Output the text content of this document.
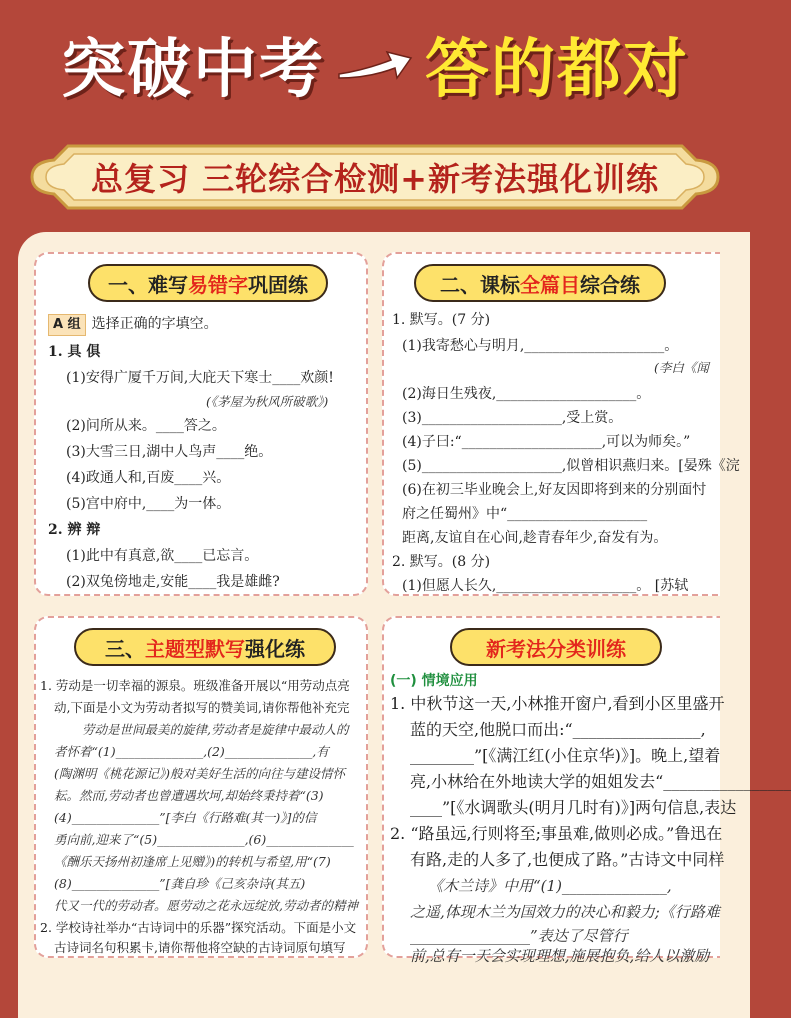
突破中考 答的都对
总复习 三轮综合检测+新考法强化训练
一、难写 易错字 巩固练
A 组 选择正确的字填空。
1. 具 俱
(1)安得广厦千万间,大庇天下寒士____欢颜!
(《茅屋为秋风所破歌》)
(2)问所从来。____答之。
(3)大雪三日,湖中人鸟声____绝。
(4)政通人和,百废____兴。
(5)宫中府中,____为一体。
2. 辨 辩
(1)此中有真意,欲____已忘言。
(2)双兔傍地走,安能____我是雄雌?
二、课标 全篇目 综合练
1. 默写。(7 分)
(1)我寄愁心与明月,____________________。
(李白《闻
(2)海日生残夜,____________________。
(3)____________________,受上赏。
(4)子曰:“____________________,可以为师矣。”
(5)____________________,似曾相识燕归来。[晏殊《浣
(6)在初三毕业晚会上,好友因即将到来的分别面忖
府之任蜀州》中“____________________
距离,友谊自在心间,趁青春年少,奋发有为。
2. 默写。(8 分)
(1)但愿人长久,____________________。 [苏轼
三、 主题型默写 强化练
1. 劳动是一切幸福的源泉。班级准备开展以“用劳动点亮
动,下面是小文为劳动者拟写的赞美词,请你帮他补充完
劳动是世间最美的旋律,劳动者是旋律中最动人的
者怀着“(1)______________,(2)______________,有
(陶渊明《桃花源记》)般对美好生活的向往与建设情怀
耘。然而,劳动者也曾遭遇坎坷,却始终秉持着“(3)
(4)______________”[李白《行路难(其一)》]的信
勇向前,迎来了“(5)______________,(6)______________
《酬乐天扬州初逢席上见赠》)的转机与希望,用“(7)
(8)______________”[龚自珍《己亥杂诗(其五)
代又一代的劳动者。愿劳动之花永远绽放,劳动者的精神
2. 学校诗社举办“古诗词中的乐器”探究活动。下面是小文
古诗词名句积累卡,请你帮他将空缺的古诗词原句填写
新考法分类训练
(一) 情境应用
1. 中秋节这一天,小林推开窗户,看到小区里盛开
蓝的天空,他脱口而出:“________________,
________”[《满江红(小住京华)》]。晚上,望着
亮,小林给在外地读大学的姐姐发去“________________
____”[《水调歌头(明月几时有)》]两句信息,表达
2. “路虽远,行则将至;事虽难,做则必成。”鲁迅在
有路,走的人多了,也便成了路。”古诗文中同样
《木兰诗》中用“(1)______________,
之遥,体现木兰为国效力的决心和毅力;《行路难
________________”表达了尽管行
前,总有一天会实现理想,施展抱负,给人以激励
